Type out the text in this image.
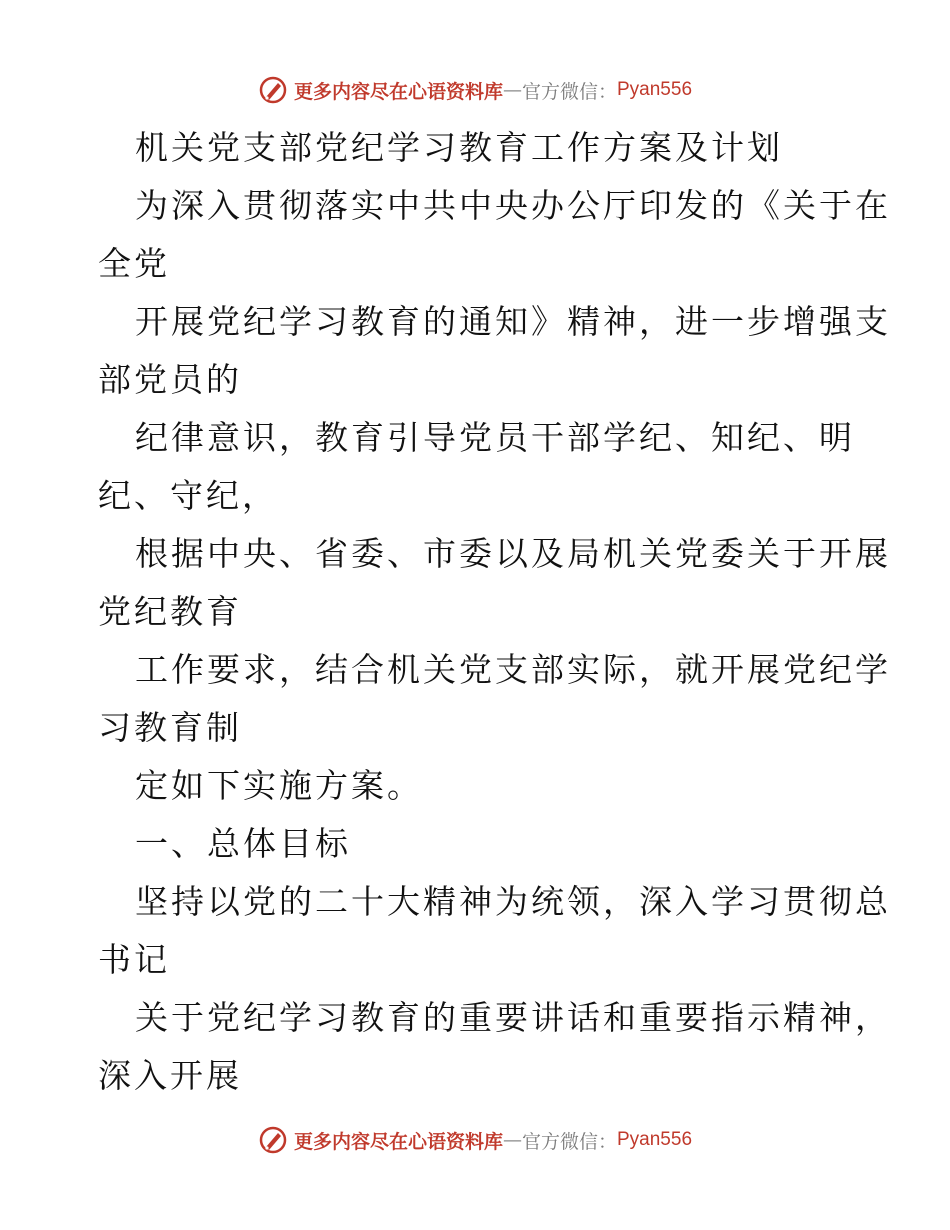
更多内容尽在心语资料库 — 官方微信： Pyan556
机关党支部党纪学习教育工作方案及计划
为深入贯彻落实中共中央办公厅印发的《关于在
全党
开展党纪学习教育的通知》精神，进一步增强支
部党员的
纪律意识，教育引导党员干部学纪、知纪、明
纪、守纪，
根据中央、省委、市委以及局机关党委关于开展
党纪教育
工作要求，结合机关党支部实际，就开展党纪学
习教育制
定如下实施方案。
一、总体目标
坚持以党的二十大精神为统领，深入学习贯彻总
书记
关于党纪学习教育的重要讲话和重要指示精神，
深入开展
更多内容尽在心语资料库 — 官方微信： Pyan556
